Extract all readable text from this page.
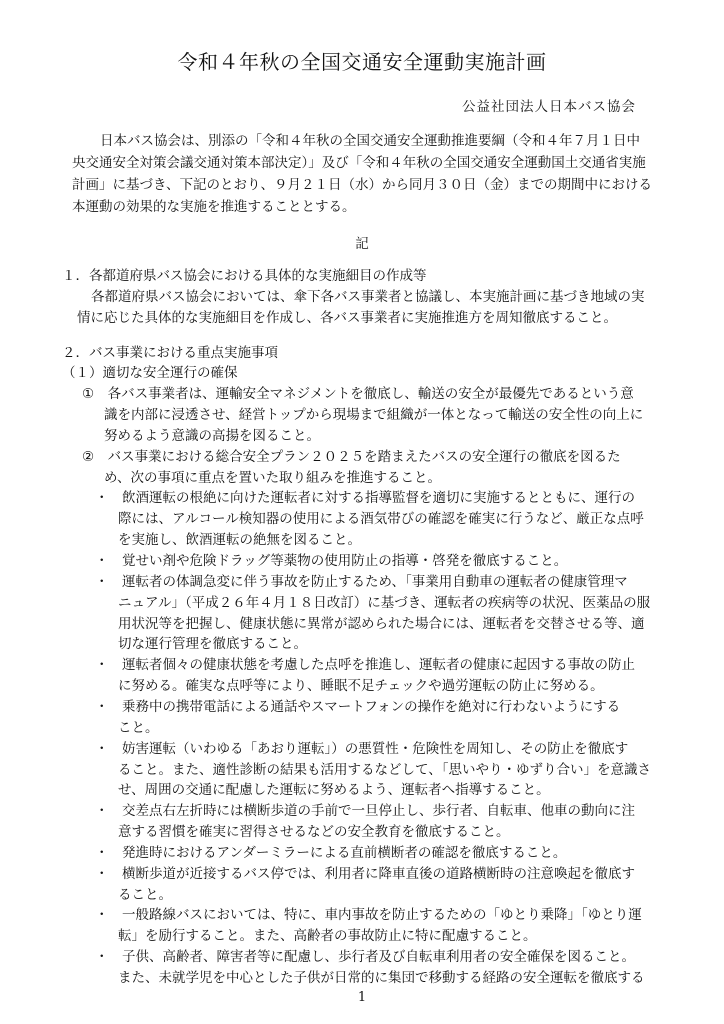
令和４年秋の全国交通安全運動実施計画
公益社団法人日本バス協会
日本バス協会は、別添の「令和４年秋の全国交通安全運動推進要綱（令和４年７月１日中央交通安全対策会議交通対策本部決定）」及び「令和４年秋の全国交通安全運動国土交通省実施計画」に基づき、下記のとおり、９月２１日（水）から同月３０日（金）までの期間中における本運動の効果的な実施を推進することとする。
記
１．各都道府県バス協会における具体的な実施細目の作成等
各都道府県バス協会においては、傘下各バス事業者と協議し、本実施計画に基づき地域の実
情に応じた具体的な実施細目を作成し、各バス事業者に実施推進方を周知徹底すること。
２．バス事業における重点実施事項
（１）適切な安全運行の確保
①　各バス事業者は、運輸安全マネジメントを徹底し、輸送の安全が最優先であるという意
識を内部に浸透させ、経営トップから現場まで組織が一体となって輸送の安全性の向上に
努めるよう意識の高揚を図ること。
②　バス事業における総合安全プラン２０２５を踏まえたバスの安全運行の徹底を図るた
め、次の事項に重点を置いた取り組みを推進すること。
・　飲酒運転の根絶に向けた運転者に対する指導監督を適切に実施するとともに、運行の
際には、アルコール検知器の使用による酒気帯びの確認を確実に行うなど、厳正な点呼
を実施し、飲酒運転の絶無を図ること。
・　覚せい剤や危険ドラッグ等薬物の使用防止の指導・啓発を徹底すること。
・　運転者の体調急変に伴う事故を防止するため、「事業用自動車の運転者の健康管理マ
ニュアル」（平成２６年４月１８日改訂）に基づき、運転者の疾病等の状況、医薬品の服
用状況等を把握し、健康状態に異常が認められた場合には、運転者を交替させる等、適
切な運行管理を徹底すること。
・　運転者個々の健康状態を考慮した点呼を推進し、運転者の健康に起因する事故の防止
に努める。確実な点呼等により、睡眠不足チェックや過労運転の防止に努める。
・　乗務中の携帯電話による通話やスマートフォンの操作を絶対に行わないようにする
こと。
・　妨害運転（いわゆる「あおり運転」）の悪質性・危険性を周知し、その防止を徹底す
ること。また、適性診断の結果も活用するなどして、「思いやり・ゆずり合い」を意識さ
せ、周囲の交通に配慮した運転に努めるよう、運転者へ指導すること。
・　交差点右左折時には横断歩道の手前で一旦停止し、歩行者、自転車、他車の動向に注
意する習慣を確実に習得させるなどの安全教育を徹底すること。
・　発進時におけるアンダーミラーによる直前横断者の確認を徹底すること。
・　横断歩道が近接するバス停では、利用者に降車直後の道路横断時の注意喚起を徹底す
ること。
・　一般路線バスにおいては、特に、車内事故を防止するための「ゆとり乗降」「ゆとり運
転」を励行すること。また、高齢者の事故防止に特に配慮すること。
・　子供、高齢者、障害者等に配慮し、歩行者及び自転車利用者の安全確保を図ること。
また、未就学児を中心とした子供が日常的に集団で移動する経路の安全運転を徹底する
1
